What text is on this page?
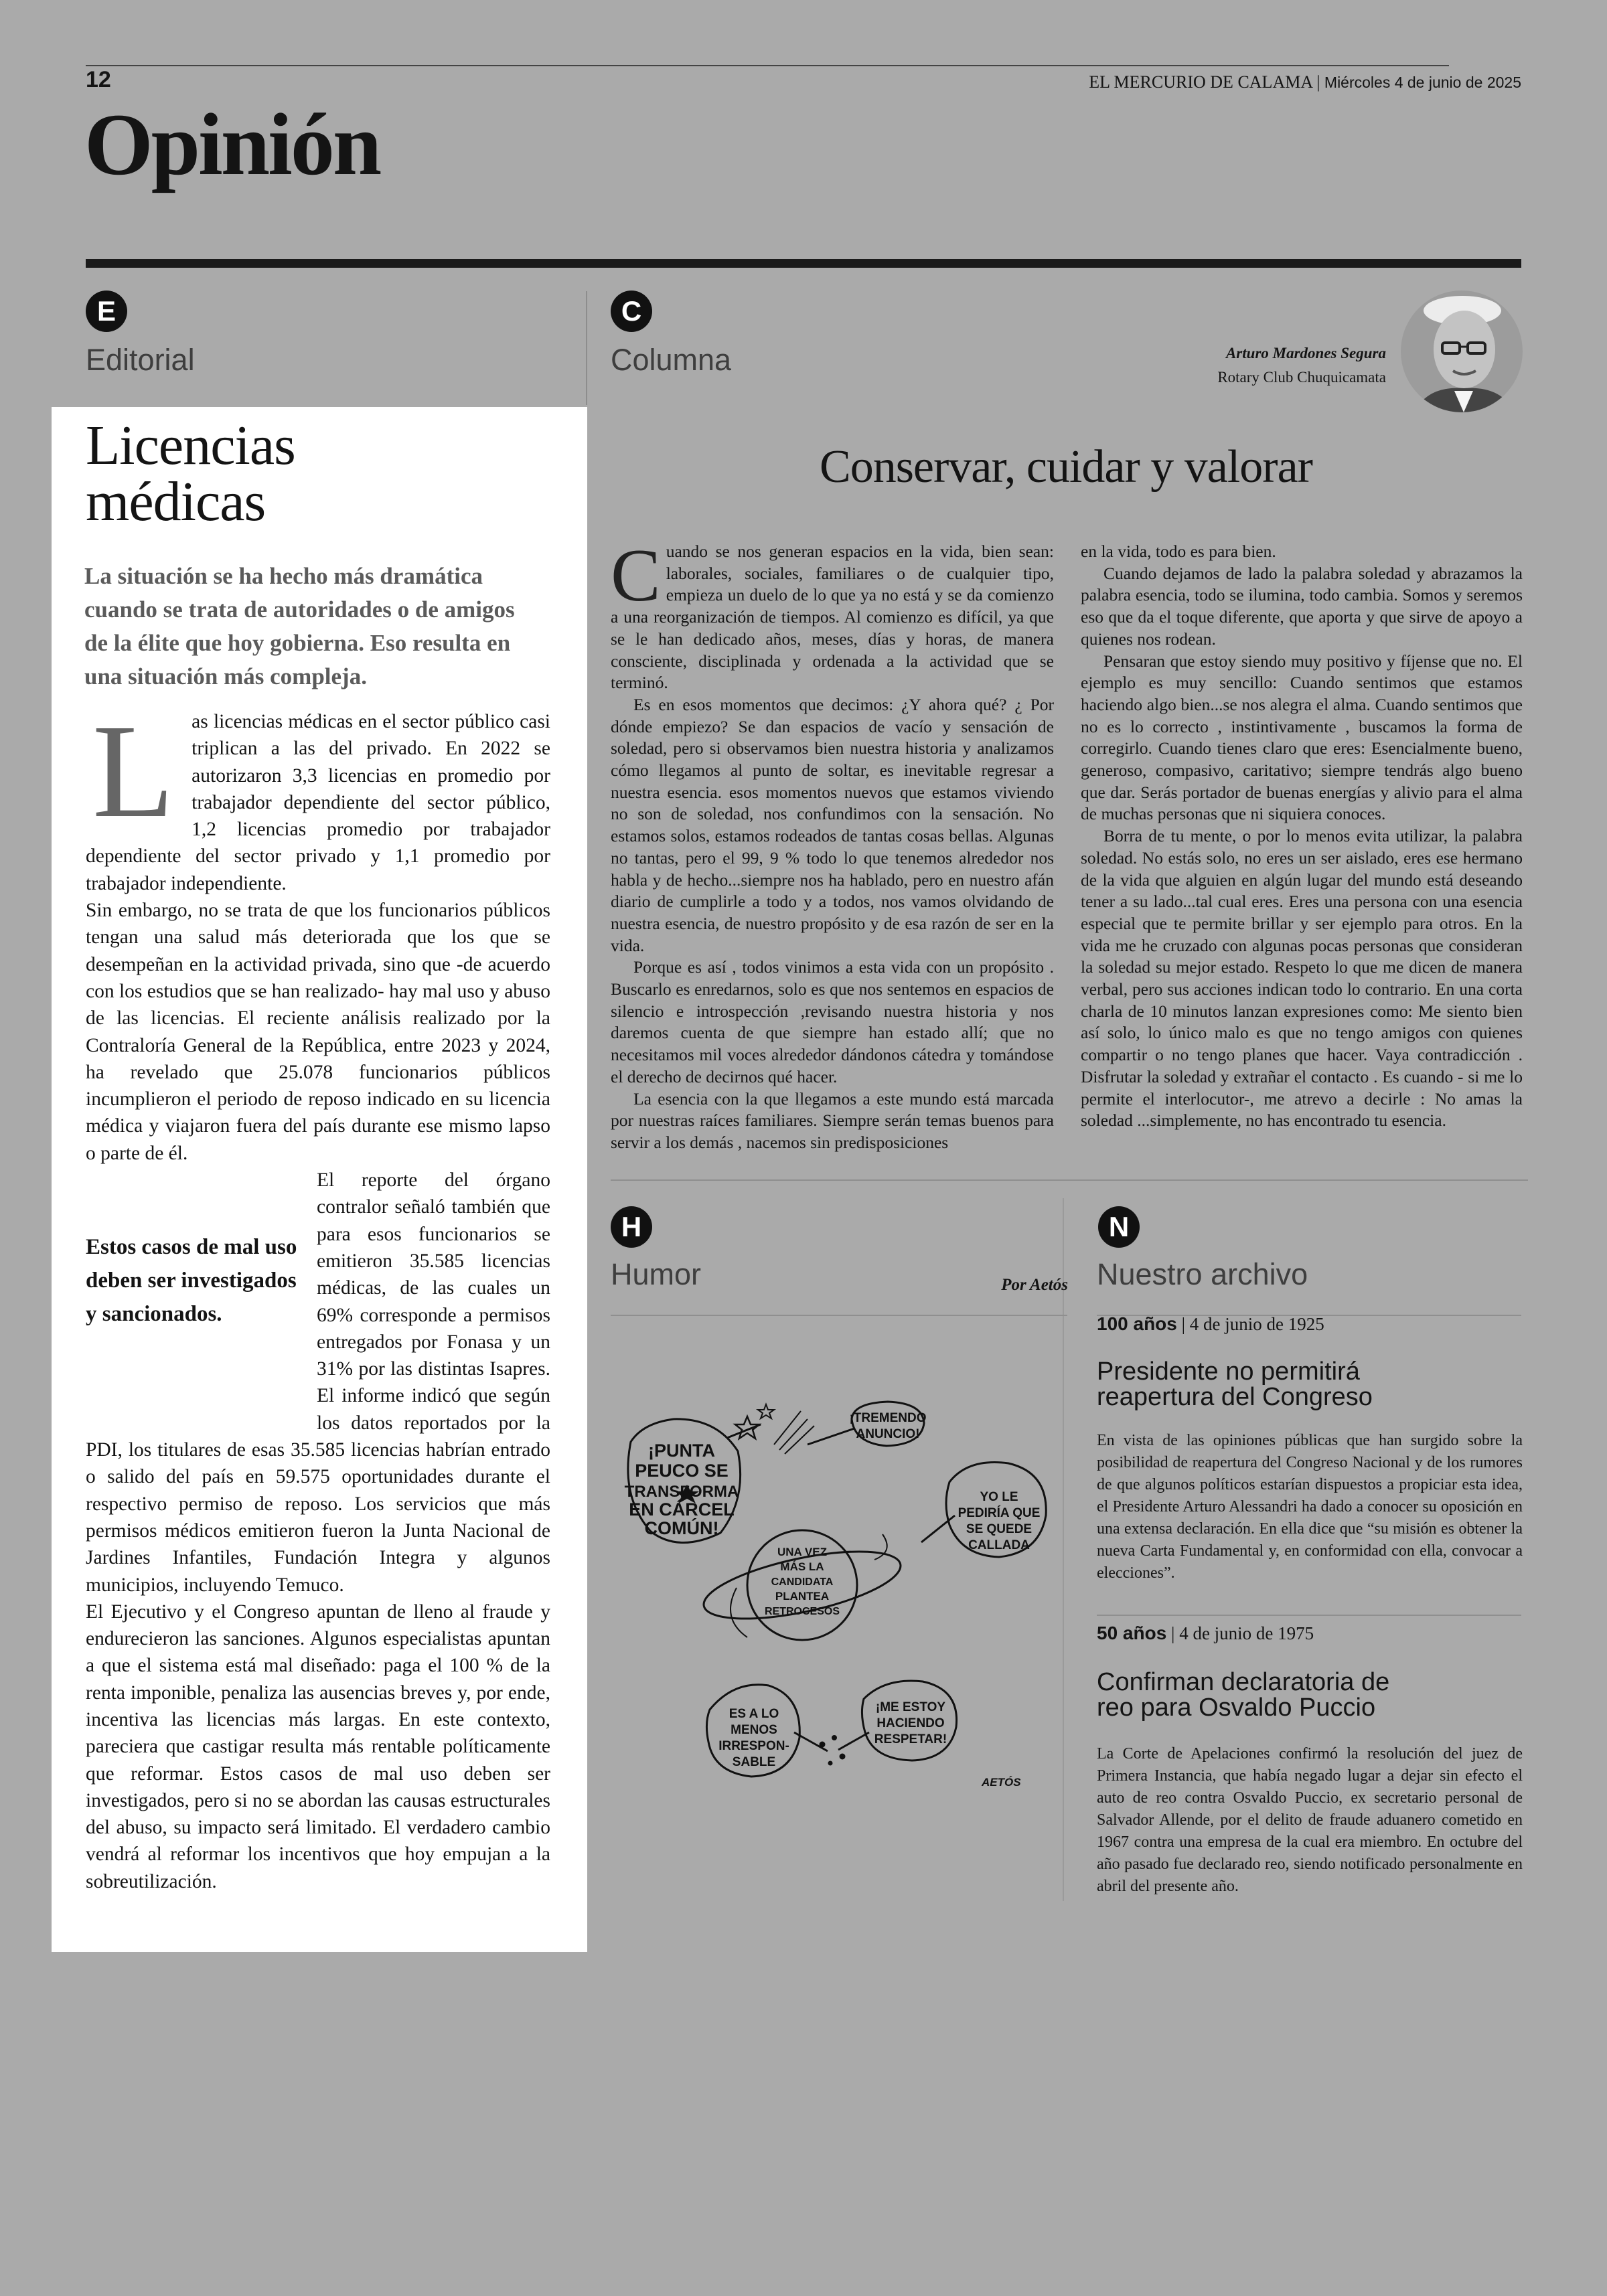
12	EL MERCURIO DE CALAMA | Miércoles 4 de junio de 2025
Opinión
E
Editorial
Licencias
médicas
La situación se ha hecho más dramática cuando se trata de autoridades o de amigos de la élite que hoy gobierna. Eso resulta en una situación más compleja.

Las licencias médicas en el sector público casi triplican a las del privado. En 2022 se autorizaron 3,3 licencias en promedio por trabajador dependiente del sector público, 1,2 licencias promedio por trabajador dependiente del sector privado y 1,1 promedio por trabajador independiente.

Sin embargo, no se trata de que los funcionarios públicos tengan una salud más deteriorada que los que se desempeñan en la actividad privada, sino que -de acuerdo con los estudios que se han realizado- hay mal uso y abuso de las licencias. El reciente análisis realizado por la Contraloría General de la República, entre 2023 y 2024, ha revelado que 25.078 funcionarios públicos incumplieron el periodo de reposo indicado en su licencia médica y viajaron fuera del país durante ese mismo lapso o parte de él.

El reporte del órgano contralor señaló también que para esos funcionarios se emitieron 35.585 licencias médicas, de las cuales un 69% corresponde a permisos entregados por Fonasa y un 31% por las distintas Isapres. El informe indicó que según los datos reportados por la PDI, los titulares de esas 35.585 licencias habrían entrado o salido del país en 59.575 oportunidades durante el respectivo permiso de reposo. Los servicios que más permisos médicos emitieron fueron la Junta Nacional de Jardines Infantiles, Fundación Integra y algunos municipios, incluyendo Temuco.

El Ejecutivo y el Congreso apuntan de lleno al fraude y endurecieron las sanciones. Algunos especialistas apuntan a que el sistema está mal diseñado: paga el 100 % de la renta imponible, penaliza las ausencias breves y, por ende, incentiva las licencias más largas. En este contexto, pareciera que castigar resulta más rentable políticamente que reformar. Estos casos de mal uso deben ser investigados, pero si no se abordan las causas estructurales del abuso, su impacto será limitado. El verdadero cambio vendrá al reformar los incentivos que hoy empujan a la sobreutilización.

Estos casos de mal uso deben ser investigados y sancionados.
C
Columna	Arturo Mardones Segura
Rotary Club Chuquicamata
Conservar, cuidar y valorar

Cuando se nos generan espacios en la vida, bien sean: laborales, sociales, familiares o de cualquier tipo, empieza un duelo de lo que ya no está y se da comienzo a una reorganización de tiempos. Al comienzo es difícil, ya que se le han dedicado años, meses, días y horas, de manera consciente, disciplinada y ordenada a la actividad que se terminó.

Es en esos momentos que decimos: ¿Y ahora qué? ¿ Por dónde empiezo? Se dan espacios de vacío y sensación de soledad, pero si observamos bien nuestra historia y analizamos cómo llegamos al punto de soltar, es inevitable regresar a nuestra esencia. esos momentos nuevos que estamos viviendo no son de soledad, nos confundimos con la sensación. No estamos solos, estamos rodeados de tantas cosas bellas. Algunas no tantas, pero el 99, 9 % todo lo que tenemos alrededor nos habla y de hecho...siempre nos ha hablado, pero en nuestro afán diario de cumplirle a todo y a todos, nos vamos olvidando de nuestra esencia, de nuestro propósito y de esa razón de ser en la vida.

Porque es así , todos vinimos a esta vida con un propósito . Buscarlo es enredarnos, solo es que nos sentemos en espacios de silencio e introspección ,revisando nuestra historia y nos daremos cuenta de que siempre han estado allí; que no necesitamos mil voces alrededor dándonos cátedra y tomándose el derecho de decirnos qué hacer.

La esencia con la que llegamos a este mundo está marcada por nuestras raíces familiares. Siempre serán temas buenos para servir a los demás , nacemos sin predisposiciones

en la vida, todo es para bien.

Cuando dejamos de lado la palabra soledad y abrazamos la palabra esencia, todo se ilumina, todo cambia. Somos y seremos eso que da el toque diferente, que aporta y que sirve de apoyo a quienes nos rodean.

Pensaran que estoy siendo muy positivo y fíjense que no. El ejemplo es muy sencillo: Cuando sentimos que estamos haciendo algo bien...se nos alegra el alma. Cuando sentimos que no es lo correcto , instintivamente , buscamos la forma de corregirlo. Cuando tienes claro que eres: Esencialmente bueno, generoso, compasivo, caritativo; siempre tendrás algo bueno que dar. Serás portador de buenas energías y alivio para el alma de muchas personas que ni siquiera conoces.

Borra de tu mente, o por lo menos evita utilizar, la palabra soledad. No estás solo, no eres un ser aislado, eres ese hermano de la vida que alguien en algún lugar del mundo está deseando tener a su lado...tal cual eres. Eres una persona con una esencia especial que te permite brillar y ser ejemplo para otros. En la vida me he cruzado con algunas pocas personas que consideran la soledad su mejor estado. Respeto lo que me dicen de manera verbal, pero sus acciones indican todo lo contrario. En una corta charla de 10 minutos lanzan expresiones como: Me siento bien así solo, lo único malo es que no tengo amigos con quienes compartir o no tengo planes que hacer. Vaya contradicción . Disfrutar la soledad y extrañar el contacto . Es cuando - si me lo permite el interlocutor-, me atrevo a decirle : No amas la soledad ...simplemente, no has encontrado tu esencia.

H
Humor	Por Aetós
¡PUNTA
PEUCO SE
TRANSFORMA
EN CÁRCEL
COMÚN!
¡TREMENDO
ANUNCIO!
YO LE
PEDIRÍA QUE
SE QUEDE
CALLADA
UNA VEZ
MÁS LA
CANDIDATA
PLANTEA
RETROCESOS
ES A LO
MENOS
IRRESPON-
SABLE
¡ME ESTOY
HACIENDO
RESPETAR!
AETÓS
N
Nuestro archivo
100 años | 4 de junio de 1925
Presidente no permitirá
reapertura del Congreso
En vista de las opiniones públicas que han surgido sobre la posibilidad de reapertura del Congreso Nacional y de los rumores de que algunos políticos estarían dispuestos a propiciar esta idea, el Presidente Arturo Alessandri ha dado a conocer su oposición en una extensa declaración. En ella dice que “su misión es obtener la nueva Carta Fundamental y, en conformidad con ella, convocar a elecciones”.
50 años | 4 de junio de 1975
Confirman declaratoria de
reo para Osvaldo Puccio
La Corte de Apelaciones confirmó la resolución del juez de Primera Instancia, que había negado lugar a dejar sin efecto el auto de reo contra Osvaldo Puccio, ex secretario personal de Salvador Allende, por el delito de fraude aduanero cometido en 1967 contra una empresa de la cual era miembro. En octubre del año pasado fue declarado reo, siendo notificado personalmente en abril del presente año.
